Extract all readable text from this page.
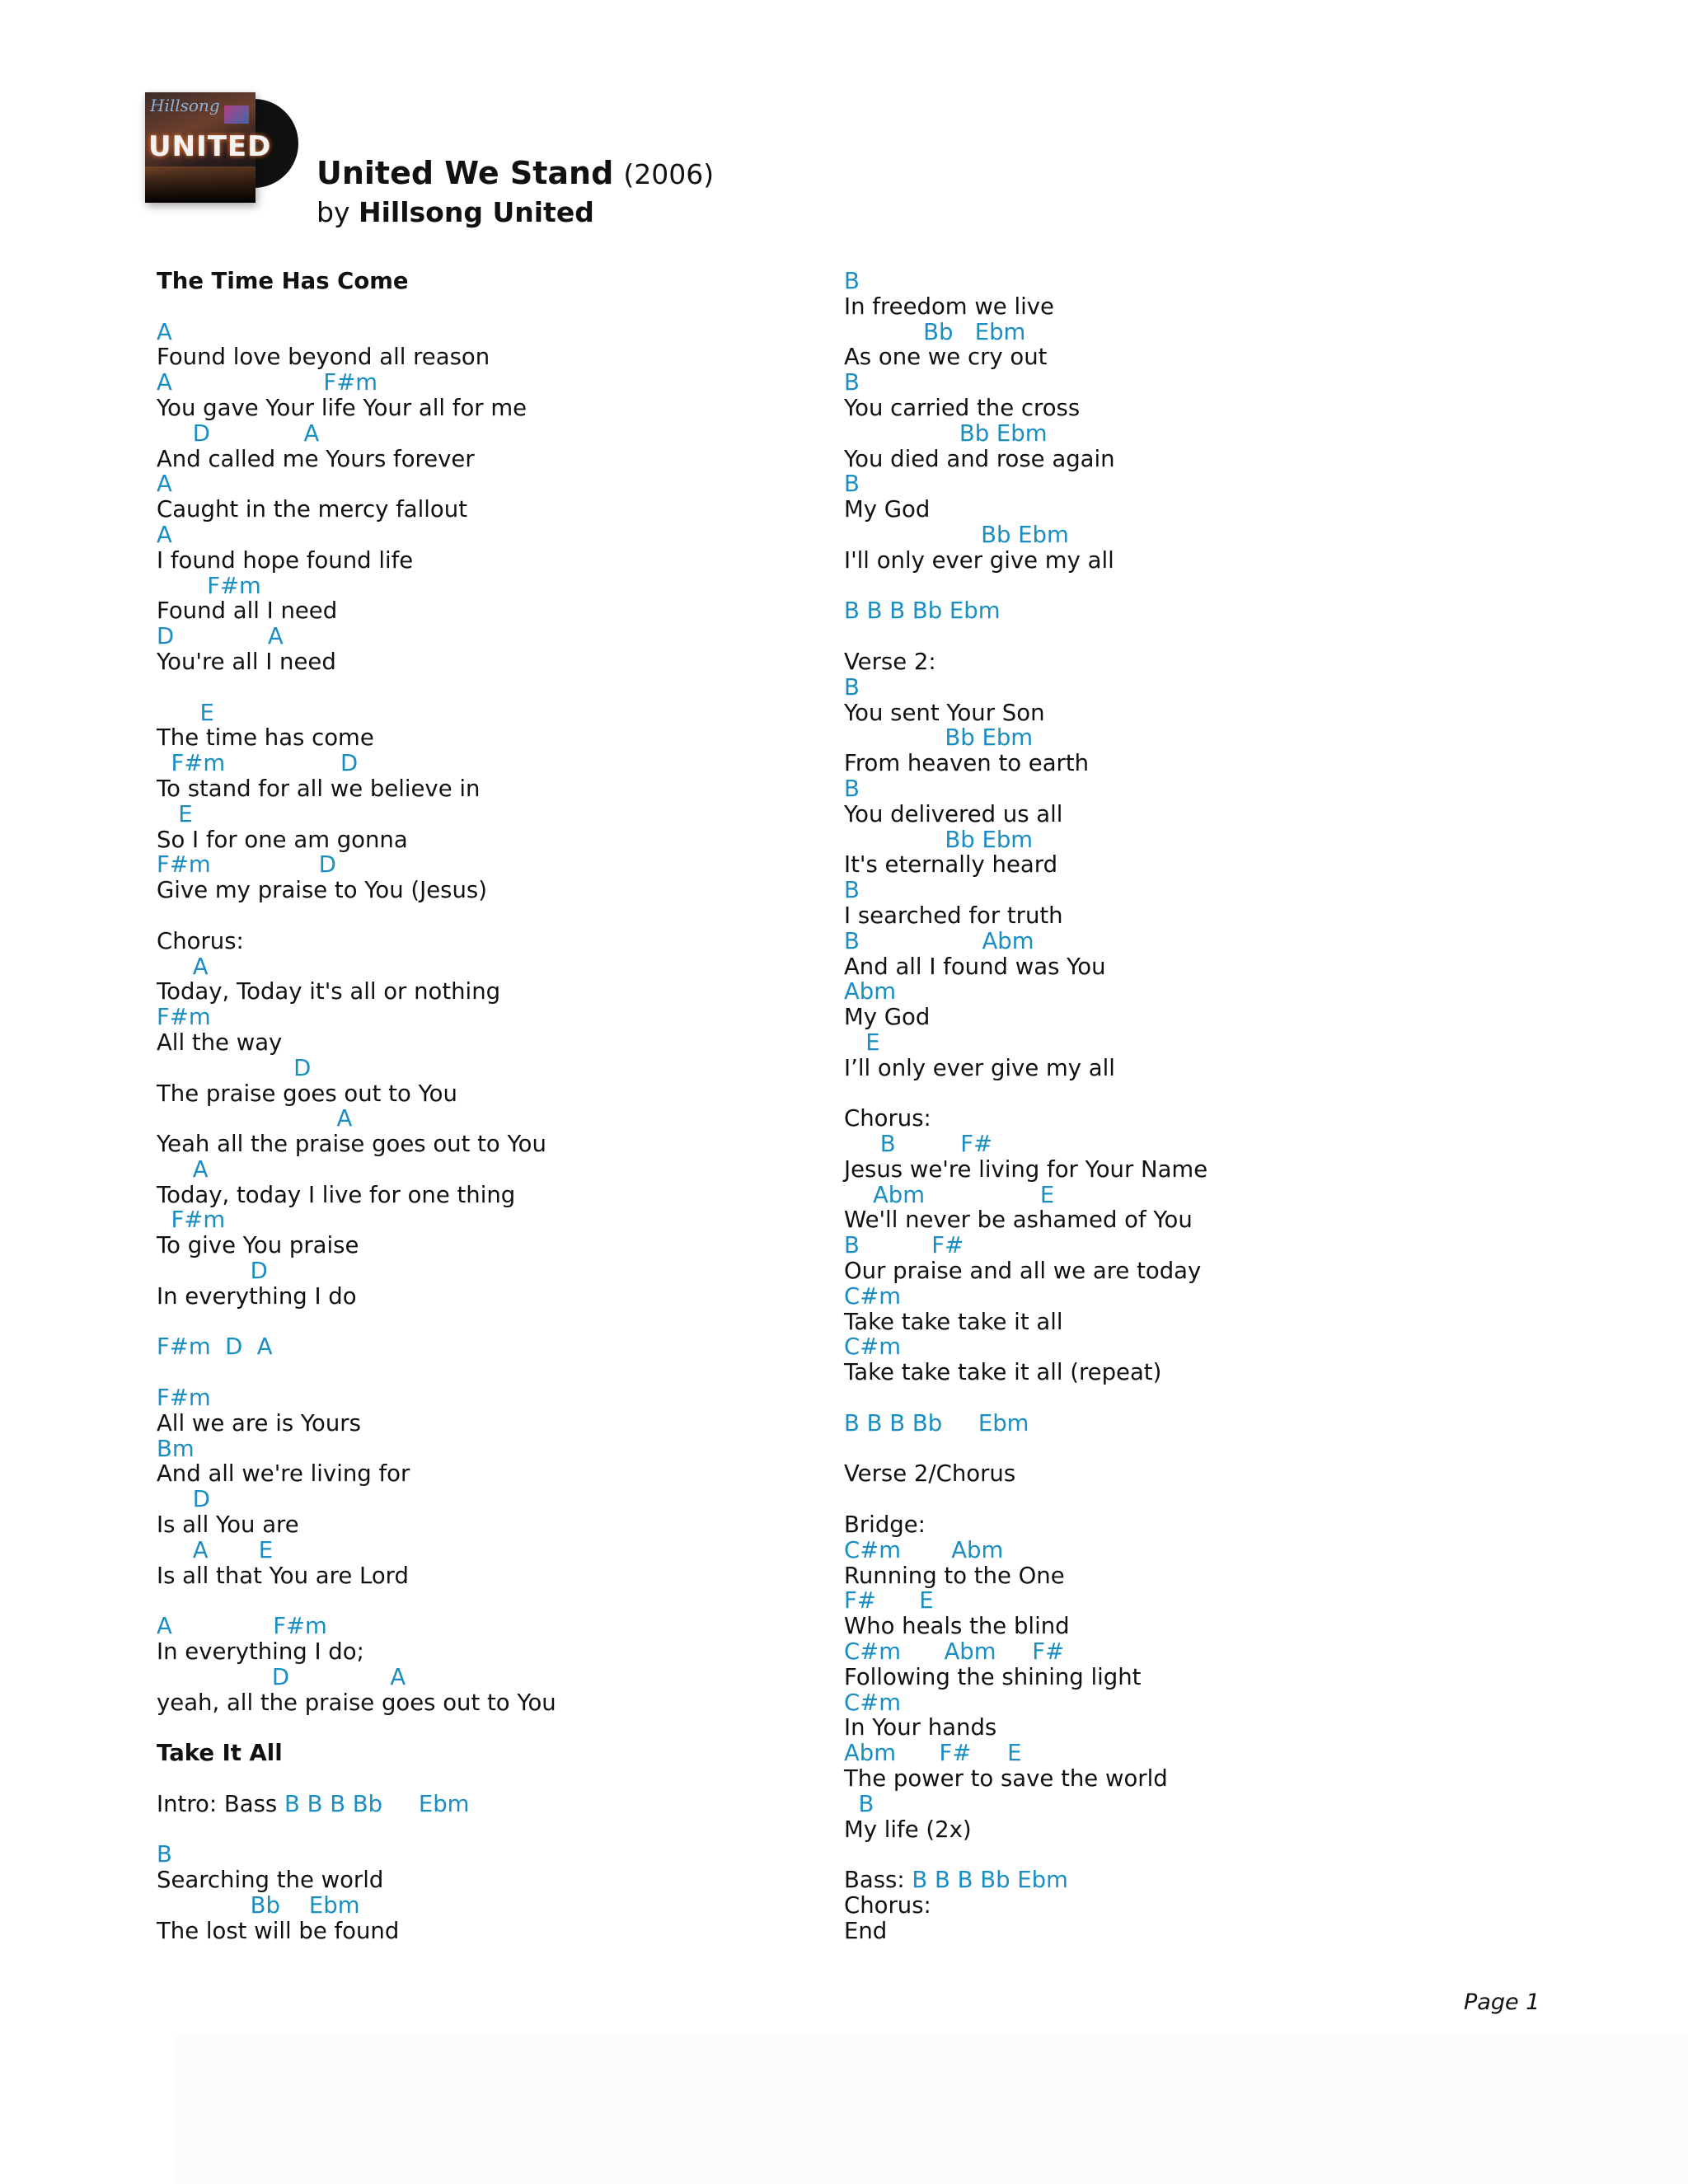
Hillsong
UNITED
United We Stand (2006)
by Hillsong United
The Time Has Come
A
Found love beyond all reason
A                     F#m
You gave Your life Your all for me
D             A
And called me Yours forever
A
Caught in the mercy fallout
A
I found hope found life
F#m
Found all I need
D             A
You're all I need
E
The time has come
F#m                D
To stand for all we believe in
E
So I for one am gonna
F#m               D
Give my praise to You (Jesus)
Chorus:
A
Today, Today it's all or nothing
F#m
All the way
D
The praise goes out to You
A
Yeah all the praise goes out to You
A
Today, today I live for one thing
F#m
To give You praise
D
In everything I do
F#m  D  A
F#m
All we are is Yours
Bm
And all we're living for
D
Is all You are
A       E
Is all that You are Lord
A              F#m
In everything I do;
D              A
yeah, all the praise goes out to You
Take It All
Intro: Bass B B B Bb     Ebm
B
Searching the world
Bb    Ebm
The lost will be found
B
In freedom we live
Bb   Ebm
As one we cry out
B
You carried the cross
Bb Ebm
You died and rose again
B
My God
Bb Ebm
I'll only ever give my all
B B B Bb Ebm
Verse 2:
B
You sent Your Son
Bb Ebm
From heaven to earth
B
You delivered us all
Bb Ebm
It's eternally heard
B
I searched for truth
B                 Abm
And all I found was You
Abm
My God
E
I’ll only ever give my all
Chorus:
B         F#
Jesus we're living for Your Name
Abm                E
We'll never be ashamed of You
B          F#
Our praise and all we are today
C#m
Take take take it all
C#m
Take take take it all (repeat)
B B B Bb     Ebm
Verse 2/Chorus
Bridge:
C#m       Abm
Running to the One
F#      E
Who heals the blind
C#m      Abm     F#
Following the shining light
C#m
In Your hands
Abm      F#     E
The power to save the world
B
My life (2x)
Bass: B B B Bb Ebm
Chorus:
End
Page 1
